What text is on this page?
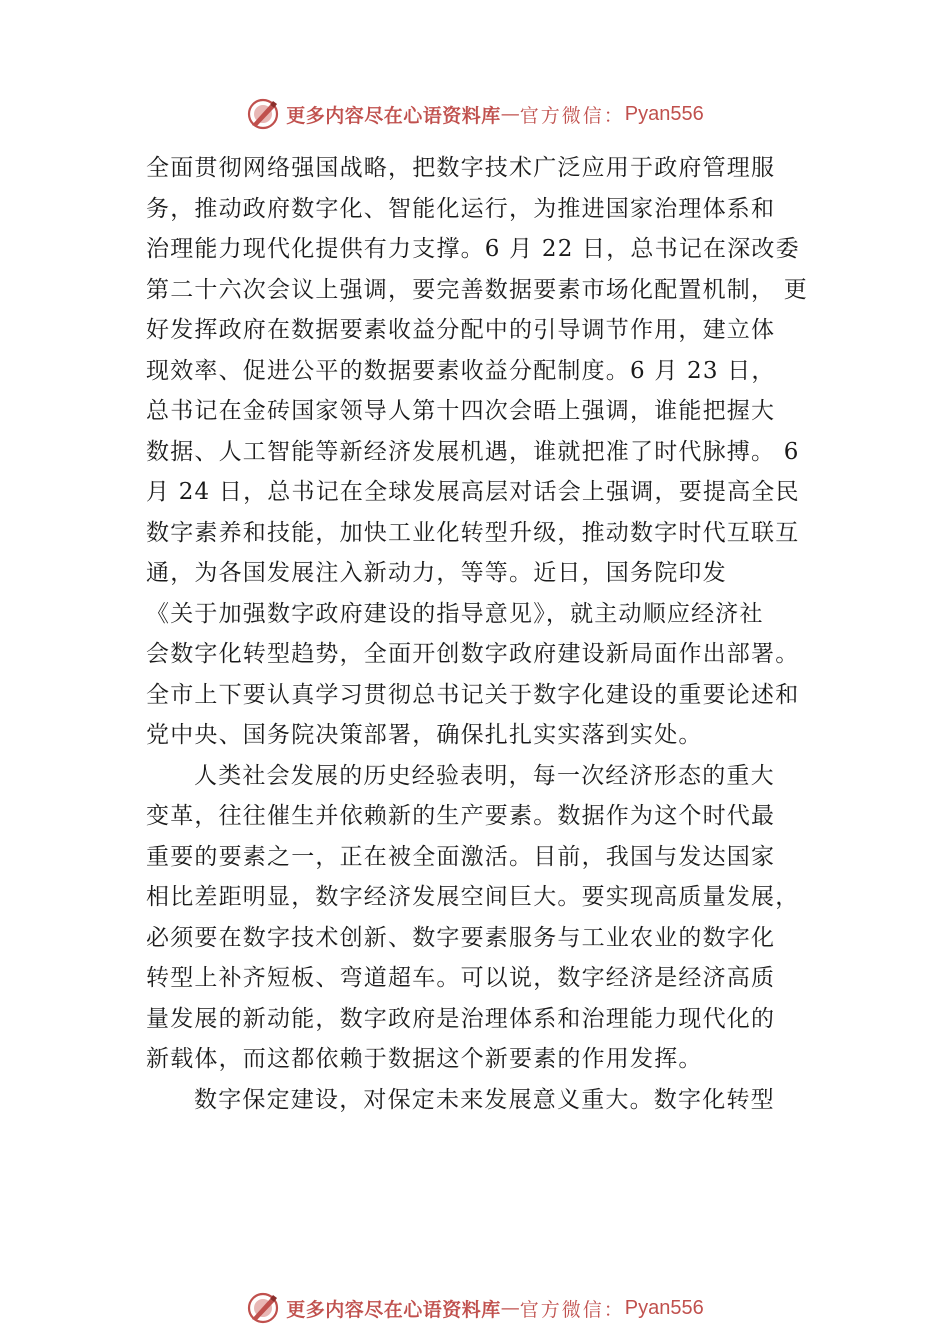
更多内容尽在心语资料库 — 官方微信： Pyan556
全面贯彻网络强国战略，把数字技术广泛应用于政府管理服
务，推动政府数字化、智能化运行，为推进国家治理体系和
治理能力现代化提供有力支撑。6 月 22 日，总书记在深改委
第二十六次会议上强调，要完善数据要素市场化配置机制， 更
好发挥政府在数据要素收益分配中的引导调节作用，建立体
现效率、促进公平的数据要素收益分配制度。6 月 23 日，
总书记在金砖国家领导人第十四次会晤上强调，谁能把握大
数据、人工智能等新经济发展机遇，谁就把准了时代脉搏。 6
月 24 日，总书记在全球发展高层对话会上强调，要提高全民
数字素养和技能，加快工业化转型升级，推动数字时代互联互
通，为各国发展注入新动力，等等。近日，国务院印发
《关于加强数字政府建设的指导意见》，就主动顺应经济社
会数字化转型趋势，全面开创数字政府建设新局面作出部署。
全市上下要认真学习贯彻总书记关于数字化建设的重要论述和
党中央、国务院决策部署，确保扎扎实实落到实处。
人类社会发展的历史经验表明，每一次经济形态的重大
变革，往往催生并依赖新的生产要素。数据作为这个时代最
重要的要素之一，正在被全面激活。目前，我国与发达国家
相比差距明显，数字经济发展空间巨大。要实现高质量发展，
必须要在数字技术创新、数字要素服务与工业农业的数字化
转型上补齐短板、弯道超车。可以说，数字经济是经济高质
量发展的新动能，数字政府是治理体系和治理能力现代化的
新载体，而这都依赖于数据这个新要素的作用发挥。
数字保定建设，对保定未来发展意义重大。数字化转型
更多内容尽在心语资料库 — 官方微信： Pyan556
